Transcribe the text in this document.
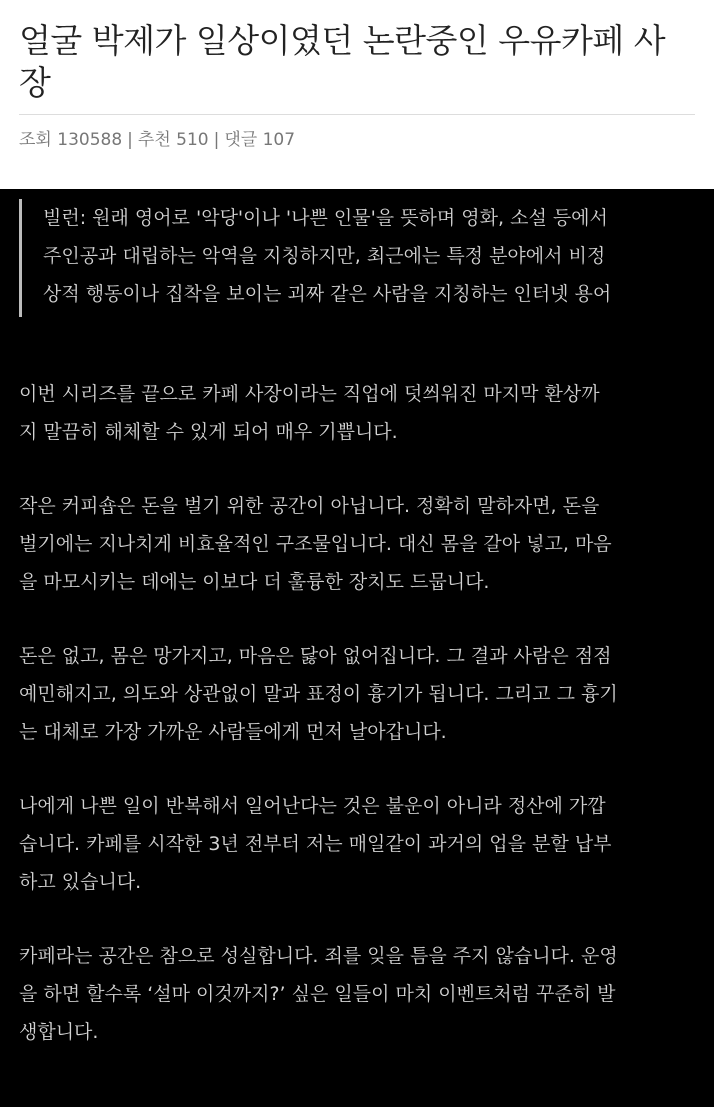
얼굴 박제가 일상이였던 논란중인 우유카페 사장
조회 130588 | 추천 510 | 댓글 107
빌런: 원래 영어로 '악당'이나 '나쁜 인물'을 뜻하며 영화, 소설 등에서
주인공과 대립하는 악역을 지칭하지만, 최근에는 특정 분야에서 비정
상적 행동이나 집착을 보이는 괴짜 같은 사람을 지칭하는 인터넷 용어

이번 시리즈를 끝으로 카페 사장이라는 직업에 덧씌워진 마지막 환상까
지 말끔히 해체할 수 있게 되어 매우 기쁩니다.

작은 커피숍은 돈을 벌기 위한 공간이 아닙니다. 정확히 말하자면, 돈을
벌기에는 지나치게 비효율적인 구조물입니다. 대신 몸을 갈아 넣고, 마음
을 마모시키는 데에는 이보다 더 훌륭한 장치도 드뭅니다.

돈은 없고, 몸은 망가지고, 마음은 닳아 없어집니다. 그 결과 사람은 점점
예민해지고, 의도와 상관없이 말과 표정이 흉기가 됩니다. 그리고 그 흉기
는 대체로 가장 가까운 사람들에게 먼저 날아갑니다.

나에게 나쁜 일이 반복해서 일어난다는 것은 불운이 아니라 정산에 가깝
습니다. 카페를 시작한 3년 전부터 저는 매일같이 과거의 업을 분할 납부
하고 있습니다.

카페라는 공간은 참으로 성실합니다. 죄를 잊을 틈을 주지 않습니다. 운영
을 하면 할수록 ‘설마 이것까지?’ 싶은 일들이 마치 이벤트처럼 꾸준히 발
생합니다.
